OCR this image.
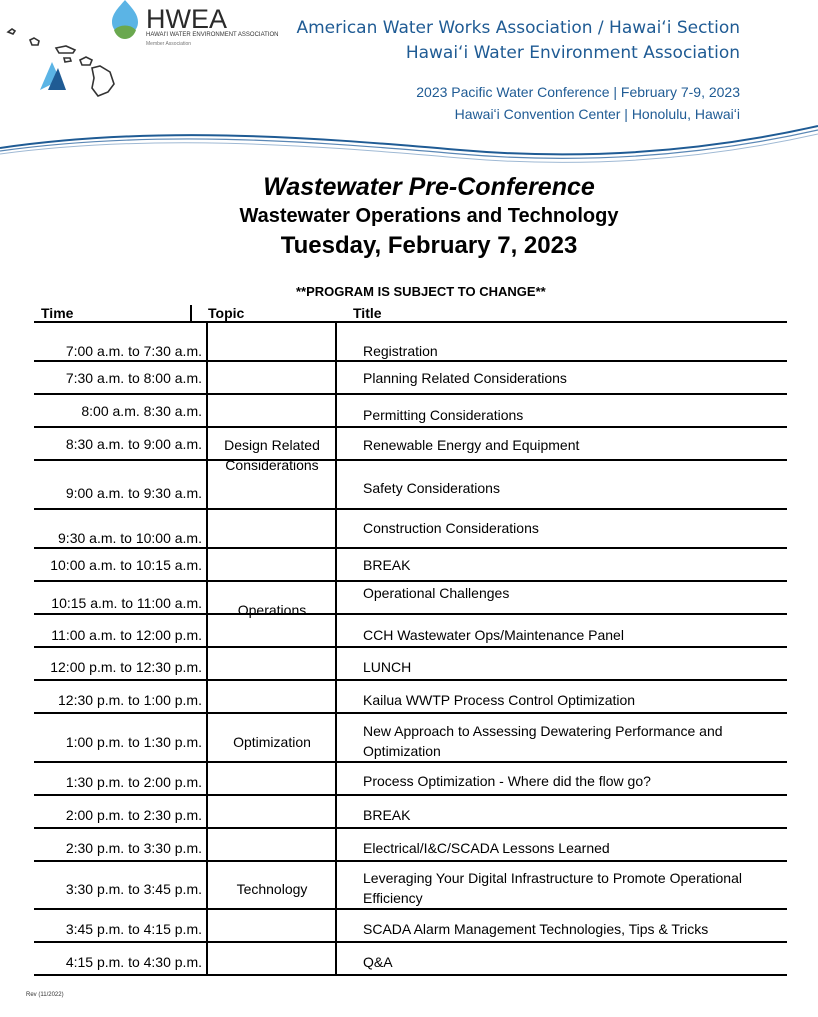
HWEA
HAWAI'I WATER ENVIRONMENT ASSOCIATION
Member Association
American Water Works Association / Hawaiʻi Section
Hawaiʻi Water Environment Association
2023 Pacific Water Conference | February 7-9, 2023
Hawaiʻi Convention Center | Honolulu, Hawaiʻi
Wastewater Pre-Conference
Wastewater Operations and Technology
Tuesday, February 7, 2023
**PROGRAM IS SUBJECT TO CHANGE**
Time	Topic	Title
7:00 a.m. to 7:30 a.m.
7:30 a.m. to 8:00 a.m.
8:00 a.m. 8:30 a.m.
8:30 a.m. to 9:00 a.m.
9:00 a.m. to 9:30 a.m.
9:30 a.m. to 10:00 a.m.
10:00 a.m. to 10:15 a.m.
10:15 a.m. to 11:00 a.m.
11:00 a.m. to 12:00 p.m.
12:00 p.m. to 12:30 p.m.
12:30 p.m. to 1:00 p.m.
1:00 p.m. to 1:30 p.m.
1:30 p.m. to 2:00 p.m.
2:00 p.m. to 2:30 p.m.
2:30 p.m. to 3:30 p.m.
3:30 p.m. to 3:45 p.m.
3:45 p.m. to 4:15 p.m.
4:15 p.m. to 4:30 p.m.
Design Related Considerations
Operations
Optimization
Technology
Registration
Planning Related Considerations
Permitting Considerations
Renewable Energy and Equipment
Safety Considerations
Construction Considerations
BREAK
Operational Challenges
CCH Wastewater Ops/Maintenance Panel
LUNCH
Kailua WWTP Process Control Optimization
New Approach to Assessing Dewatering Performance and Optimization
Process Optimization - Where did the flow go?
BREAK
Electrical/I&C/SCADA Lessons Learned
Leveraging Your Digital Infrastructure to Promote Operational Efficiency
SCADA Alarm Management Technologies, Tips & Tricks
Q&A
Rev (11/2022)
